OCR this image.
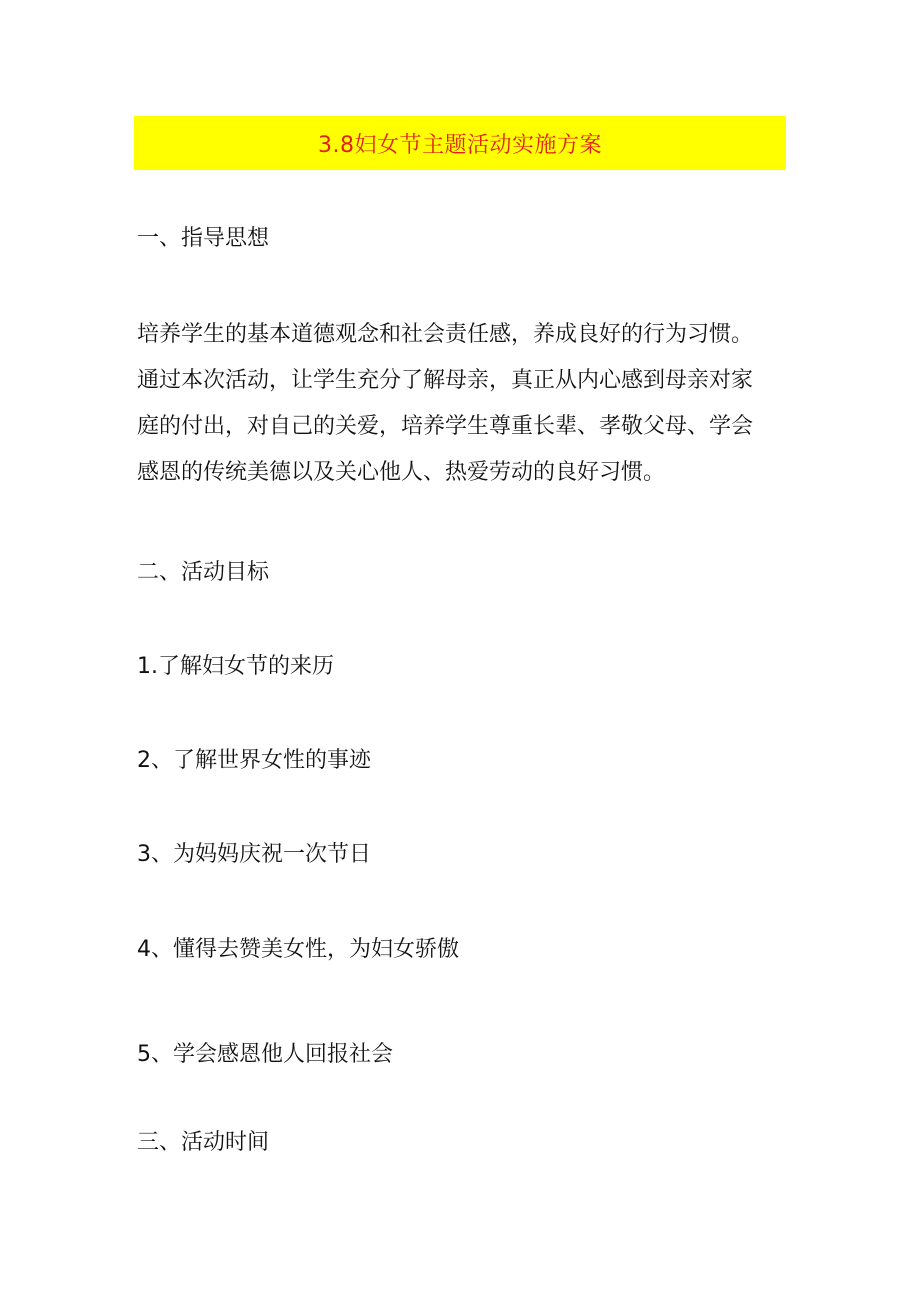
3.8妇女节主题活动实施方案
一、指导思想
培养学生的基本道德观念和社会责任感，养成良好的行为习惯。
通过本次活动，让学生充分了解母亲，真正从内心感到母亲对家
庭的付出，对自己的关爱，培养学生尊重长辈、孝敬父母、学会
感恩的传统美德以及关心他人、热爱劳动的良好习惯。
二、活动目标
1.了解妇女节的来历
2、了解世界女性的事迹
3、为妈妈庆祝一次节日
4、懂得去赞美女性，为妇女骄傲
5、学会感恩他人回报社会
三、活动时间
